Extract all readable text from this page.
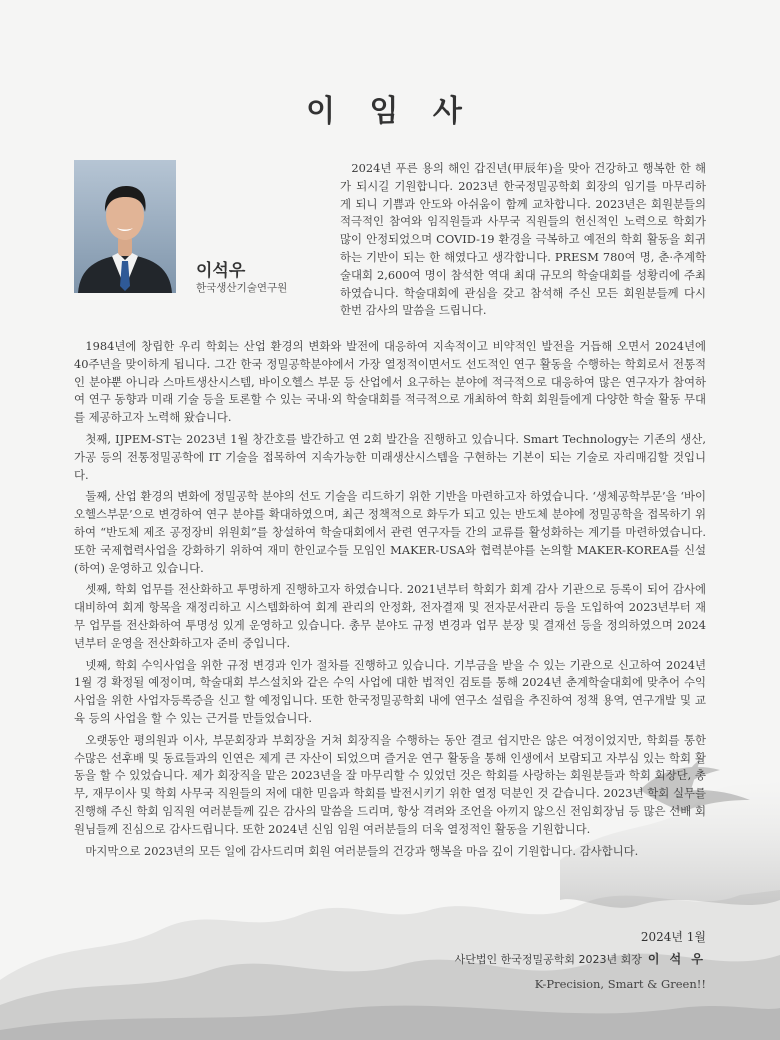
이 임 사
이석우
한국생산기술연구원

2024년 푸른 용의 해인 갑진년(甲辰年)을 맞아 건강하고 행복한 한 해가 되시길 기원합니다. 2023년 한국정밀공학회 회장의 임기를 마무리하게 되니 기쁨과 안도와 아쉬움이 함께 교차합니다. 2023년은 회원분들의 적극적인 참여와 임직원들과 사무국 직원들의 헌신적인 노력으로 학회가 많이 안정되었으며 COVID-19 환경을 극복하고 예전의 학회 활동을 회귀하는 기반이 되는 한 해였다고 생각합니다. PRESM 780여 명, 춘·추계학술대회 2,600여 명이 참석한 역대 최대 규모의 학술대회를 성황리에 주최하였습니다. 학술대회에 관심을 갖고 참석해 주신 모든 회원분들께 다시 한번 감사의 말씀을 드립니다.

1984년에 창립한 우리 학회는 산업 환경의 변화와 발전에 대응하여 지속적이고 비약적인 발전을 거듭해 오면서 2024년에 40주년을 맞이하게 됩니다. 그간 한국 정밀공학분야에서 가장 열정적이면서도 선도적인 연구 활동을 수행하는 학회로서 전통적인 분야뿐 아니라 스마트생산시스템, 바이오헬스 부문 등 산업에서 요구하는 분야에 적극적으로 대응하여 많은 연구자가 참여하여 연구 동향과 미래 기술 등을 토론할 수 있는 국내·외 학술대회를 적극적으로 개최하여 학회 회원들에게 다양한 학술 활동 무대를 제공하고자 노력해 왔습니다.

첫째, IJPEM-ST는 2023년 1월 창간호를 발간하고 연 2회 발간을 진행하고 있습니다. Smart Technology는 기존의 생산, 가공 등의 전통정밀공학에 IT 기술을 접목하여 지속가능한 미래생산시스템을 구현하는 기본이 되는 기술로 자리매김할 것입니다.

둘째, 산업 환경의 변화에 정밀공학 분야의 선도 기술을 리드하기 위한 기반을 마련하고자 하였습니다. ‘생체공학부문’을 ‘바이오헬스부문’으로 변경하여 연구 분야를 확대하였으며, 최근 정책적으로 화두가 되고 있는 반도체 분야에 정밀공학을 접목하기 위하여 “반도체 제조 공정장비 위원회”를 창설하여 학술대회에서 관련 연구자들 간의 교류를 활성화하는 계기를 마련하였습니다. 또한 국제협력사업을 강화하기 위하여 재미 한인교수들 모임인 MAKER-USA와 협력분야를 논의할 MAKER-KOREA를 신설(하여) 운영하고 있습니다.

셋째, 학회 업무를 전산화하고 투명하게 진행하고자 하였습니다. 2021년부터 학회가 회계 감사 기관으로 등록이 되어 감사에 대비하여 회계 항목을 재정리하고 시스템화하여 회계 관리의 안정화, 전자결재 및 전자문서관리 등을 도입하여 2023년부터 재무 업무를 전산화하여 투명성 있게 운영하고 있습니다. 총무 분야도 규정 변경과 업무 분장 및 결재선 등을 정의하였으며 2024년부터 운영을 전산화하고자 준비 중입니다.

넷째, 학회 수익사업을 위한 규정 변경과 인가 절차를 진행하고 있습니다. 기부금을 받을 수 있는 기관으로 신고하여 2024년 1월 경 확정될 예정이며, 학술대회 부스설치와 같은 수익 사업에 대한 법적인 검토를 통해 2024년 춘계학술대회에 맞추어 수익사업을 위한 사업자등록증을 신고 할 예정입니다. 또한 한국정밀공학회 내에 연구소 설립을 추진하여 정책 용역, 연구개발 및 교육 등의 사업을 할 수 있는 근거를 만들었습니다.

오랫동안 평의원과 이사, 부문회장과 부회장을 거쳐 회장직을 수행하는 동안 결코 쉽지만은 않은 여정이었지만, 학회를 통한 수많은 선후배 및 동료들과의 인연은 제게 큰 자산이 되었으며 즐거운 연구 활동을 통해 인생에서 보람되고 자부심 있는 학회 활동을 할 수 있었습니다. 제가 회장직을 맡은 2023년을 잘 마무리할 수 있었던 것은 학회를 사랑하는 회원분들과 학회 회장단, 총무, 재무이사 및 학회 사무국 직원들의 저에 대한 믿음과 학회를 발전시키기 위한 열정 덕분인 것 같습니다. 2023년 학회 실무를 진행해 주신 학회 임직원 여러분들께 깊은 감사의 말씀을 드리며, 항상 격려와 조언을 아끼지 않으신 전임회장님 등 많은 선배 회원님들께 진심으로 감사드립니다. 또한 2024년 신임 임원 여러분들의 더욱 열정적인 활동을 기원합니다.

마지막으로 2023년의 모든 일에 감사드리며 회원 여러분들의 건강과 행복을 마음 깊이 기원합니다. 감사합니다.

2024년 1월
사단법인 한국정밀공학회 2023년 회장 이 석 우
K-Precision, Smart & Green!!
